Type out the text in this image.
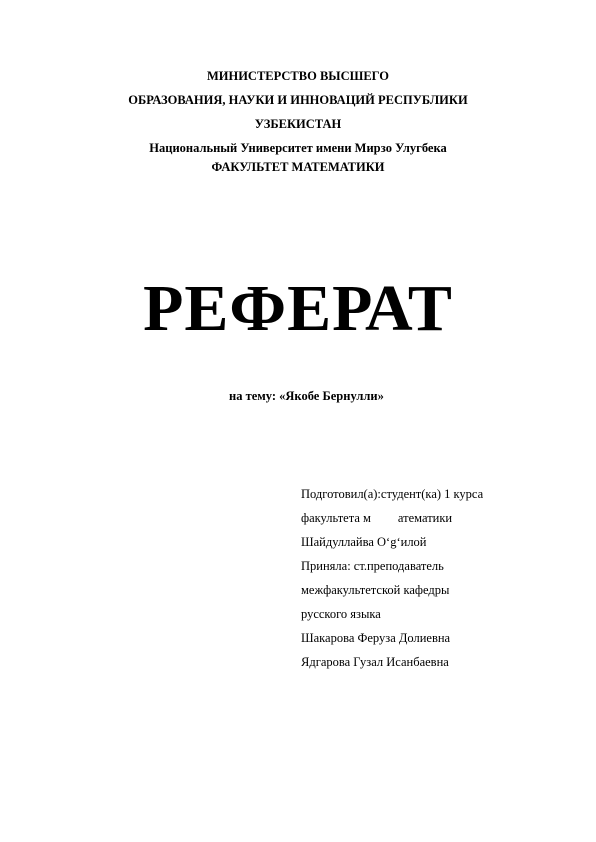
МИНИСТЕРСТВО ВЫСШЕГО
ОБРАЗОВАНИЯ, НАУКИ И ИННОВАЦИЙ РЕСПУБЛИКИ
УЗБЕКИСТАН
Национальный Университет имени Мирзо Улугбека
ФАКУЛЬТЕТ МАТЕМАТИКИ
РЕФЕРАТ
на тему: «Якобе Бернулли»
Подготовил(а):студент(ка) 1 курса
факультета м атематики
Шайдуллайва O‘g‘илой
Приняла: ст.преподаватель
межфакультетской кафедры
русского языка
Шакарова Феруза Долиевна
Ядгарова Гузал Исанбаевна
